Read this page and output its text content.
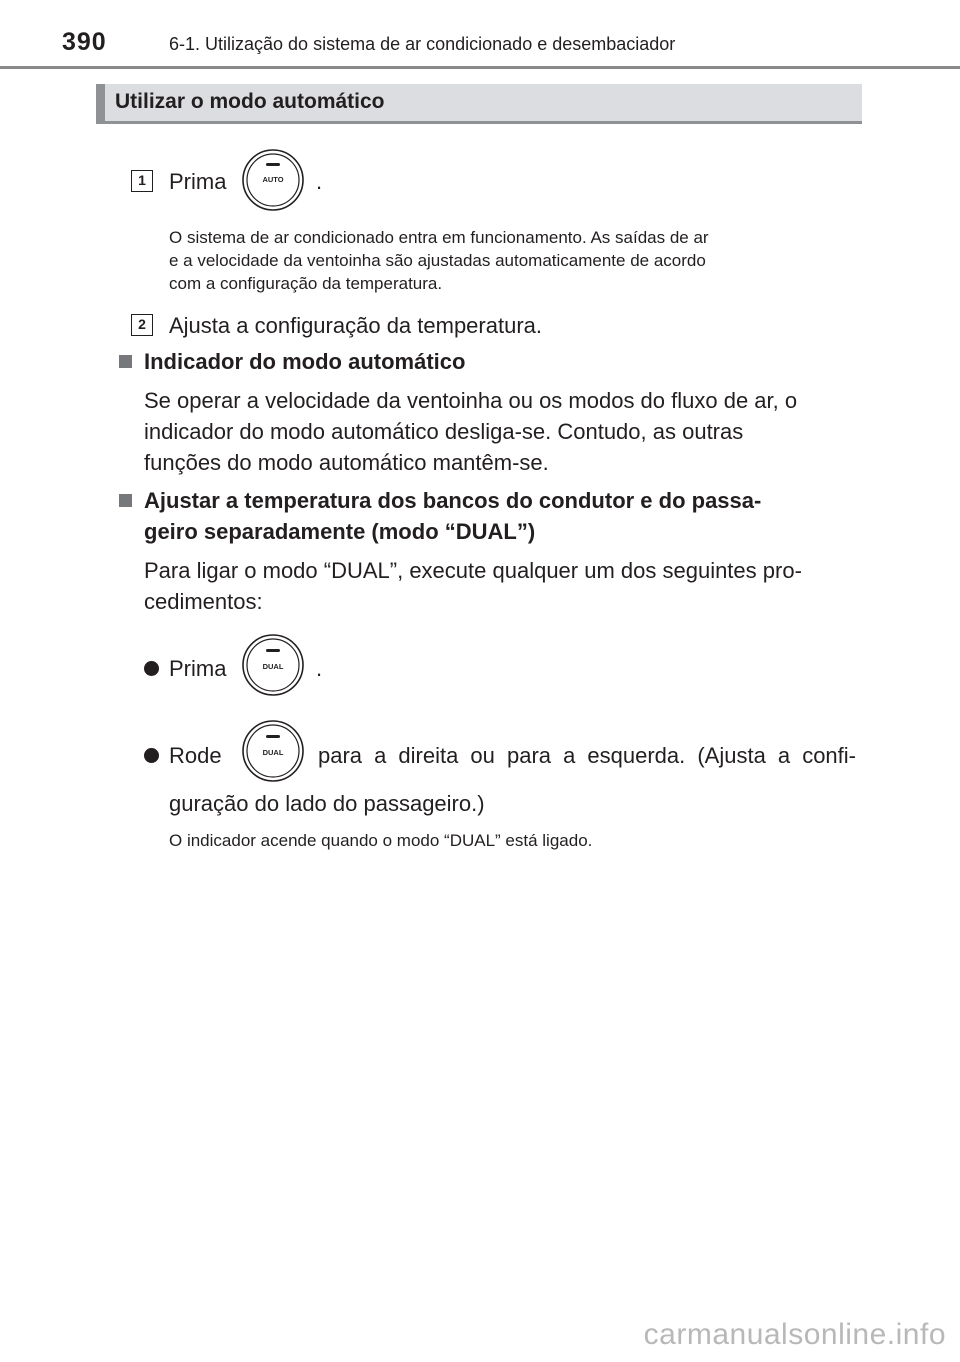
390	6-1. Utilização do sistema de ar condicionado e desembaciador
Utilizar o modo automático
1	Prima	AUTO .
O sistema de ar condicionado entra em funcionamento. As saídas de ar
e a velocidade da ventoinha são ajustadas automaticamente de acordo
com a configuração da temperatura.
2	Ajusta a configuração da temperatura.
Indicador do modo automático
Se operar a velocidade da ventoinha ou os modos do fluxo de ar, o
indicador do modo automático desliga-se. Contudo, as outras
funções do modo automático mantêm-se.
Ajustar a temperatura dos bancos do condutor e do passa-
geiro separadamente (modo “DUAL”)
Para ligar o modo “DUAL”, execute qualquer um dos seguintes pro-
cedimentos:
Prima	DUAL .
Rode	DUAL para a direita ou para a esquerda. (Ajusta a confi-
guração do lado do passageiro.)
O indicador acende quando o modo “DUAL” está ligado.
carmanualsonline.info
